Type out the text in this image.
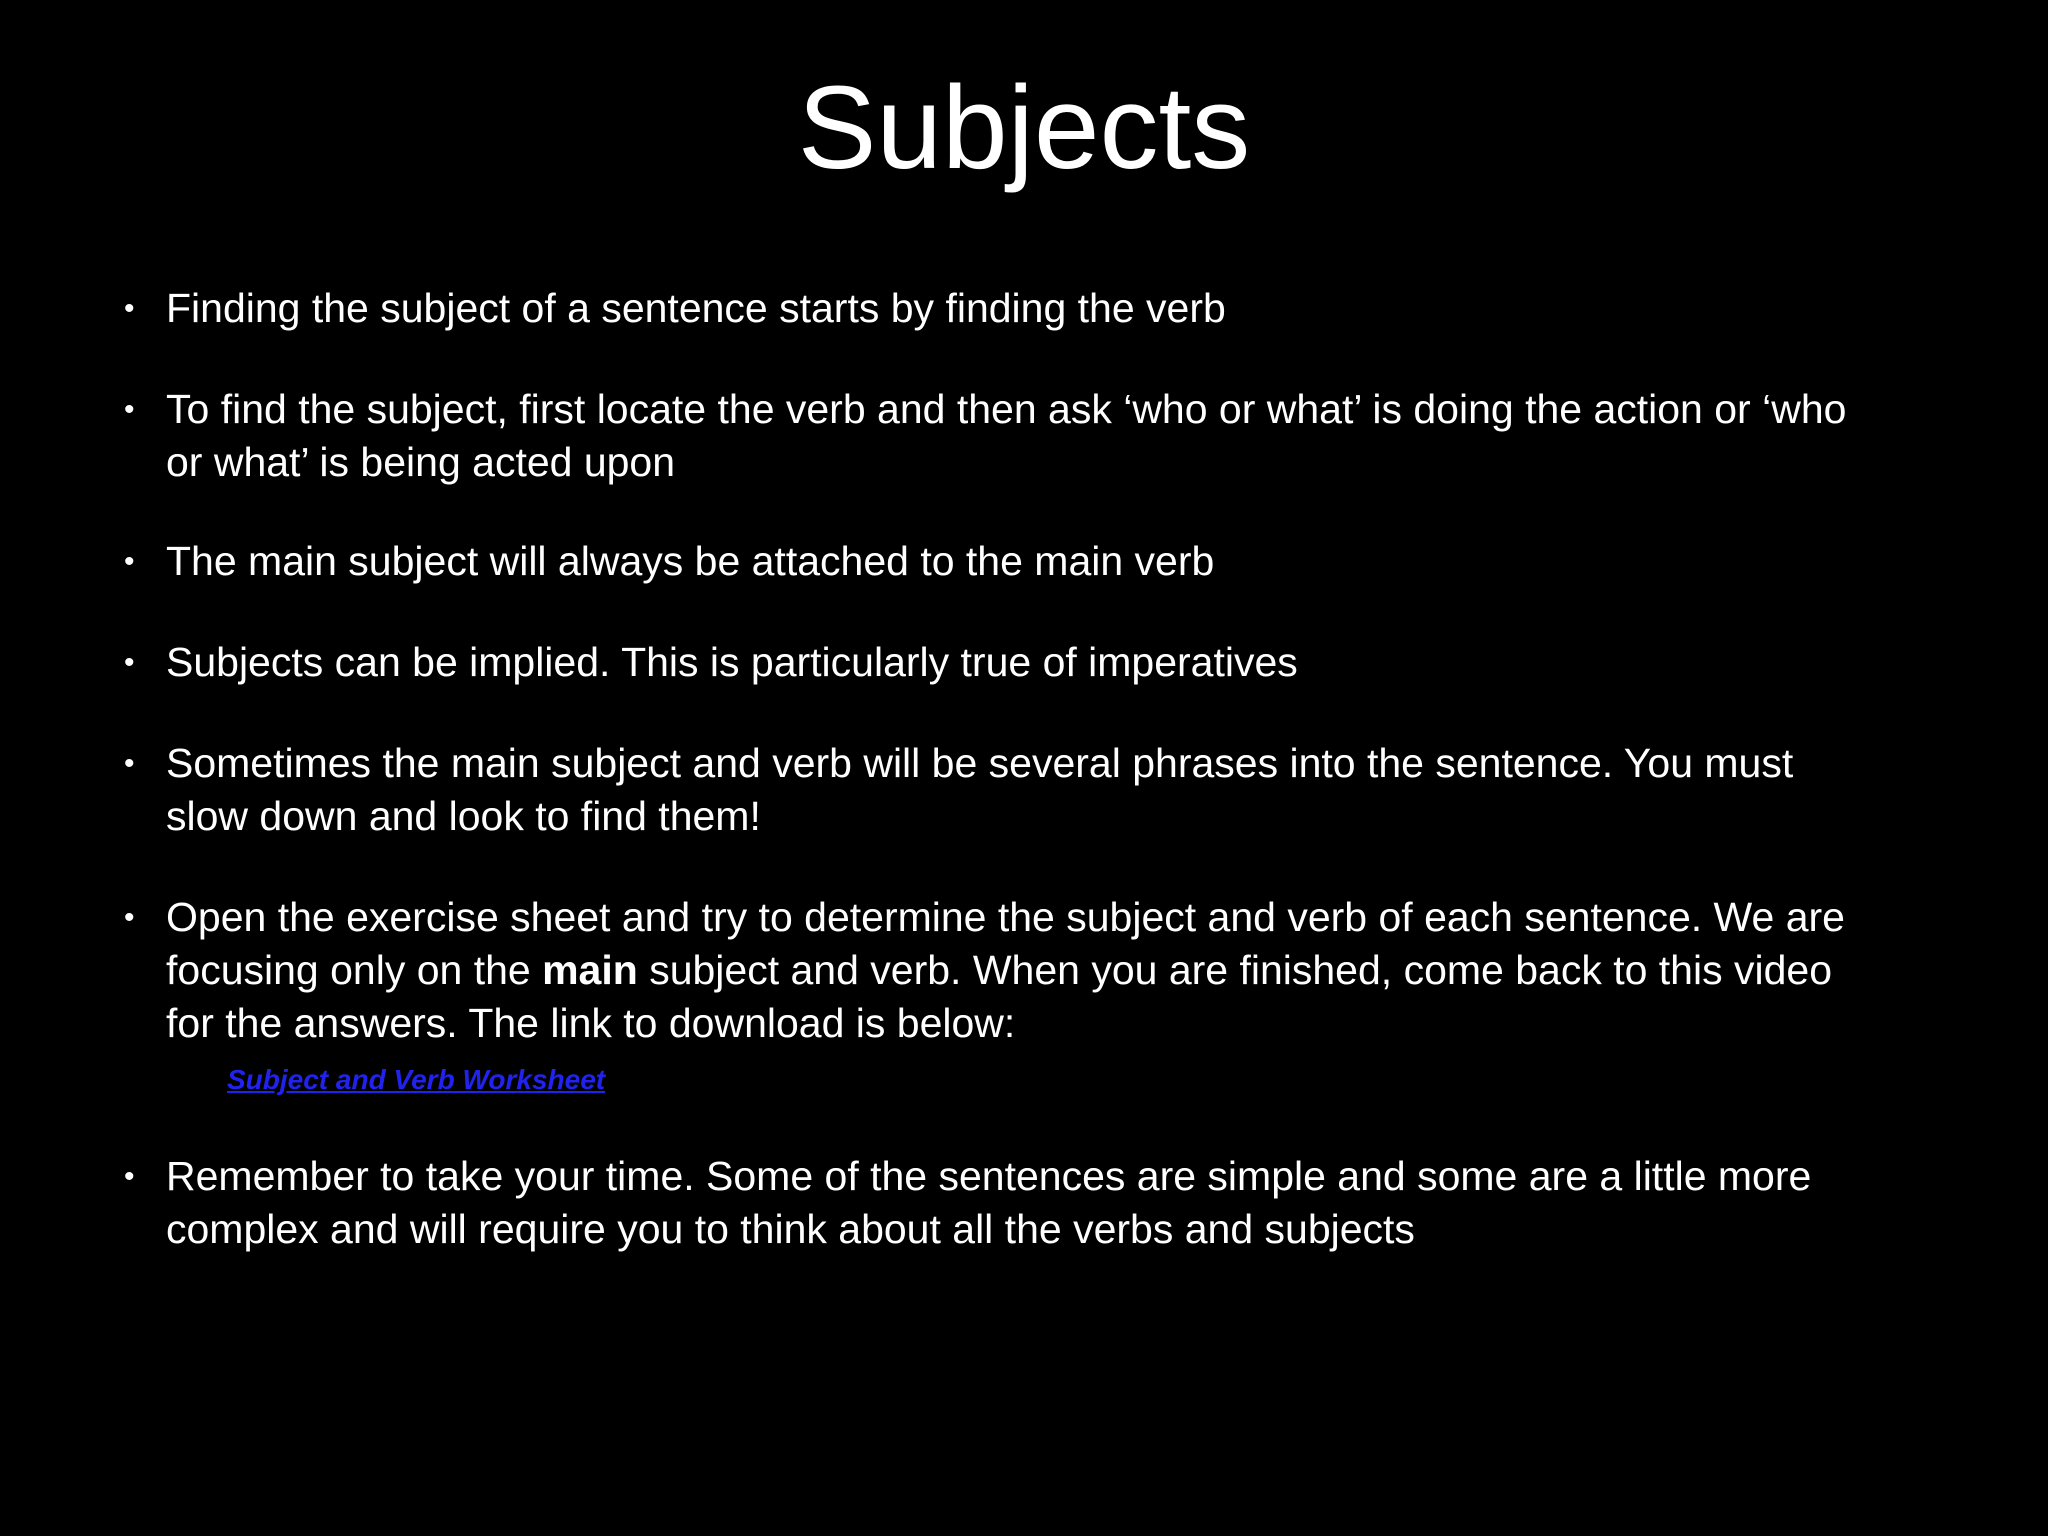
Subjects
• Finding the subject of a sentence starts by finding the verb
• To find the subject, first locate the verb and then ask ‘who or what’ is doing the action or ‘who or what’ is being acted upon
• The main subject will always be attached to the main verb
• Subjects can be implied. This is particularly true of imperatives
• Sometimes the main subject and verb will be several phrases into the sentence. You must slow down and look to find them!
• Open the exercise sheet and try to determine the subject and verb of each sentence. We are focusing only on the main subject and verb. When you are finished, come back to this video for the answers. The link to download is below:
Subject and Verb Worksheet
• Remember to take your time. Some of the sentences are simple and some are a little more complex and will require you to think about all the verbs and subjects
